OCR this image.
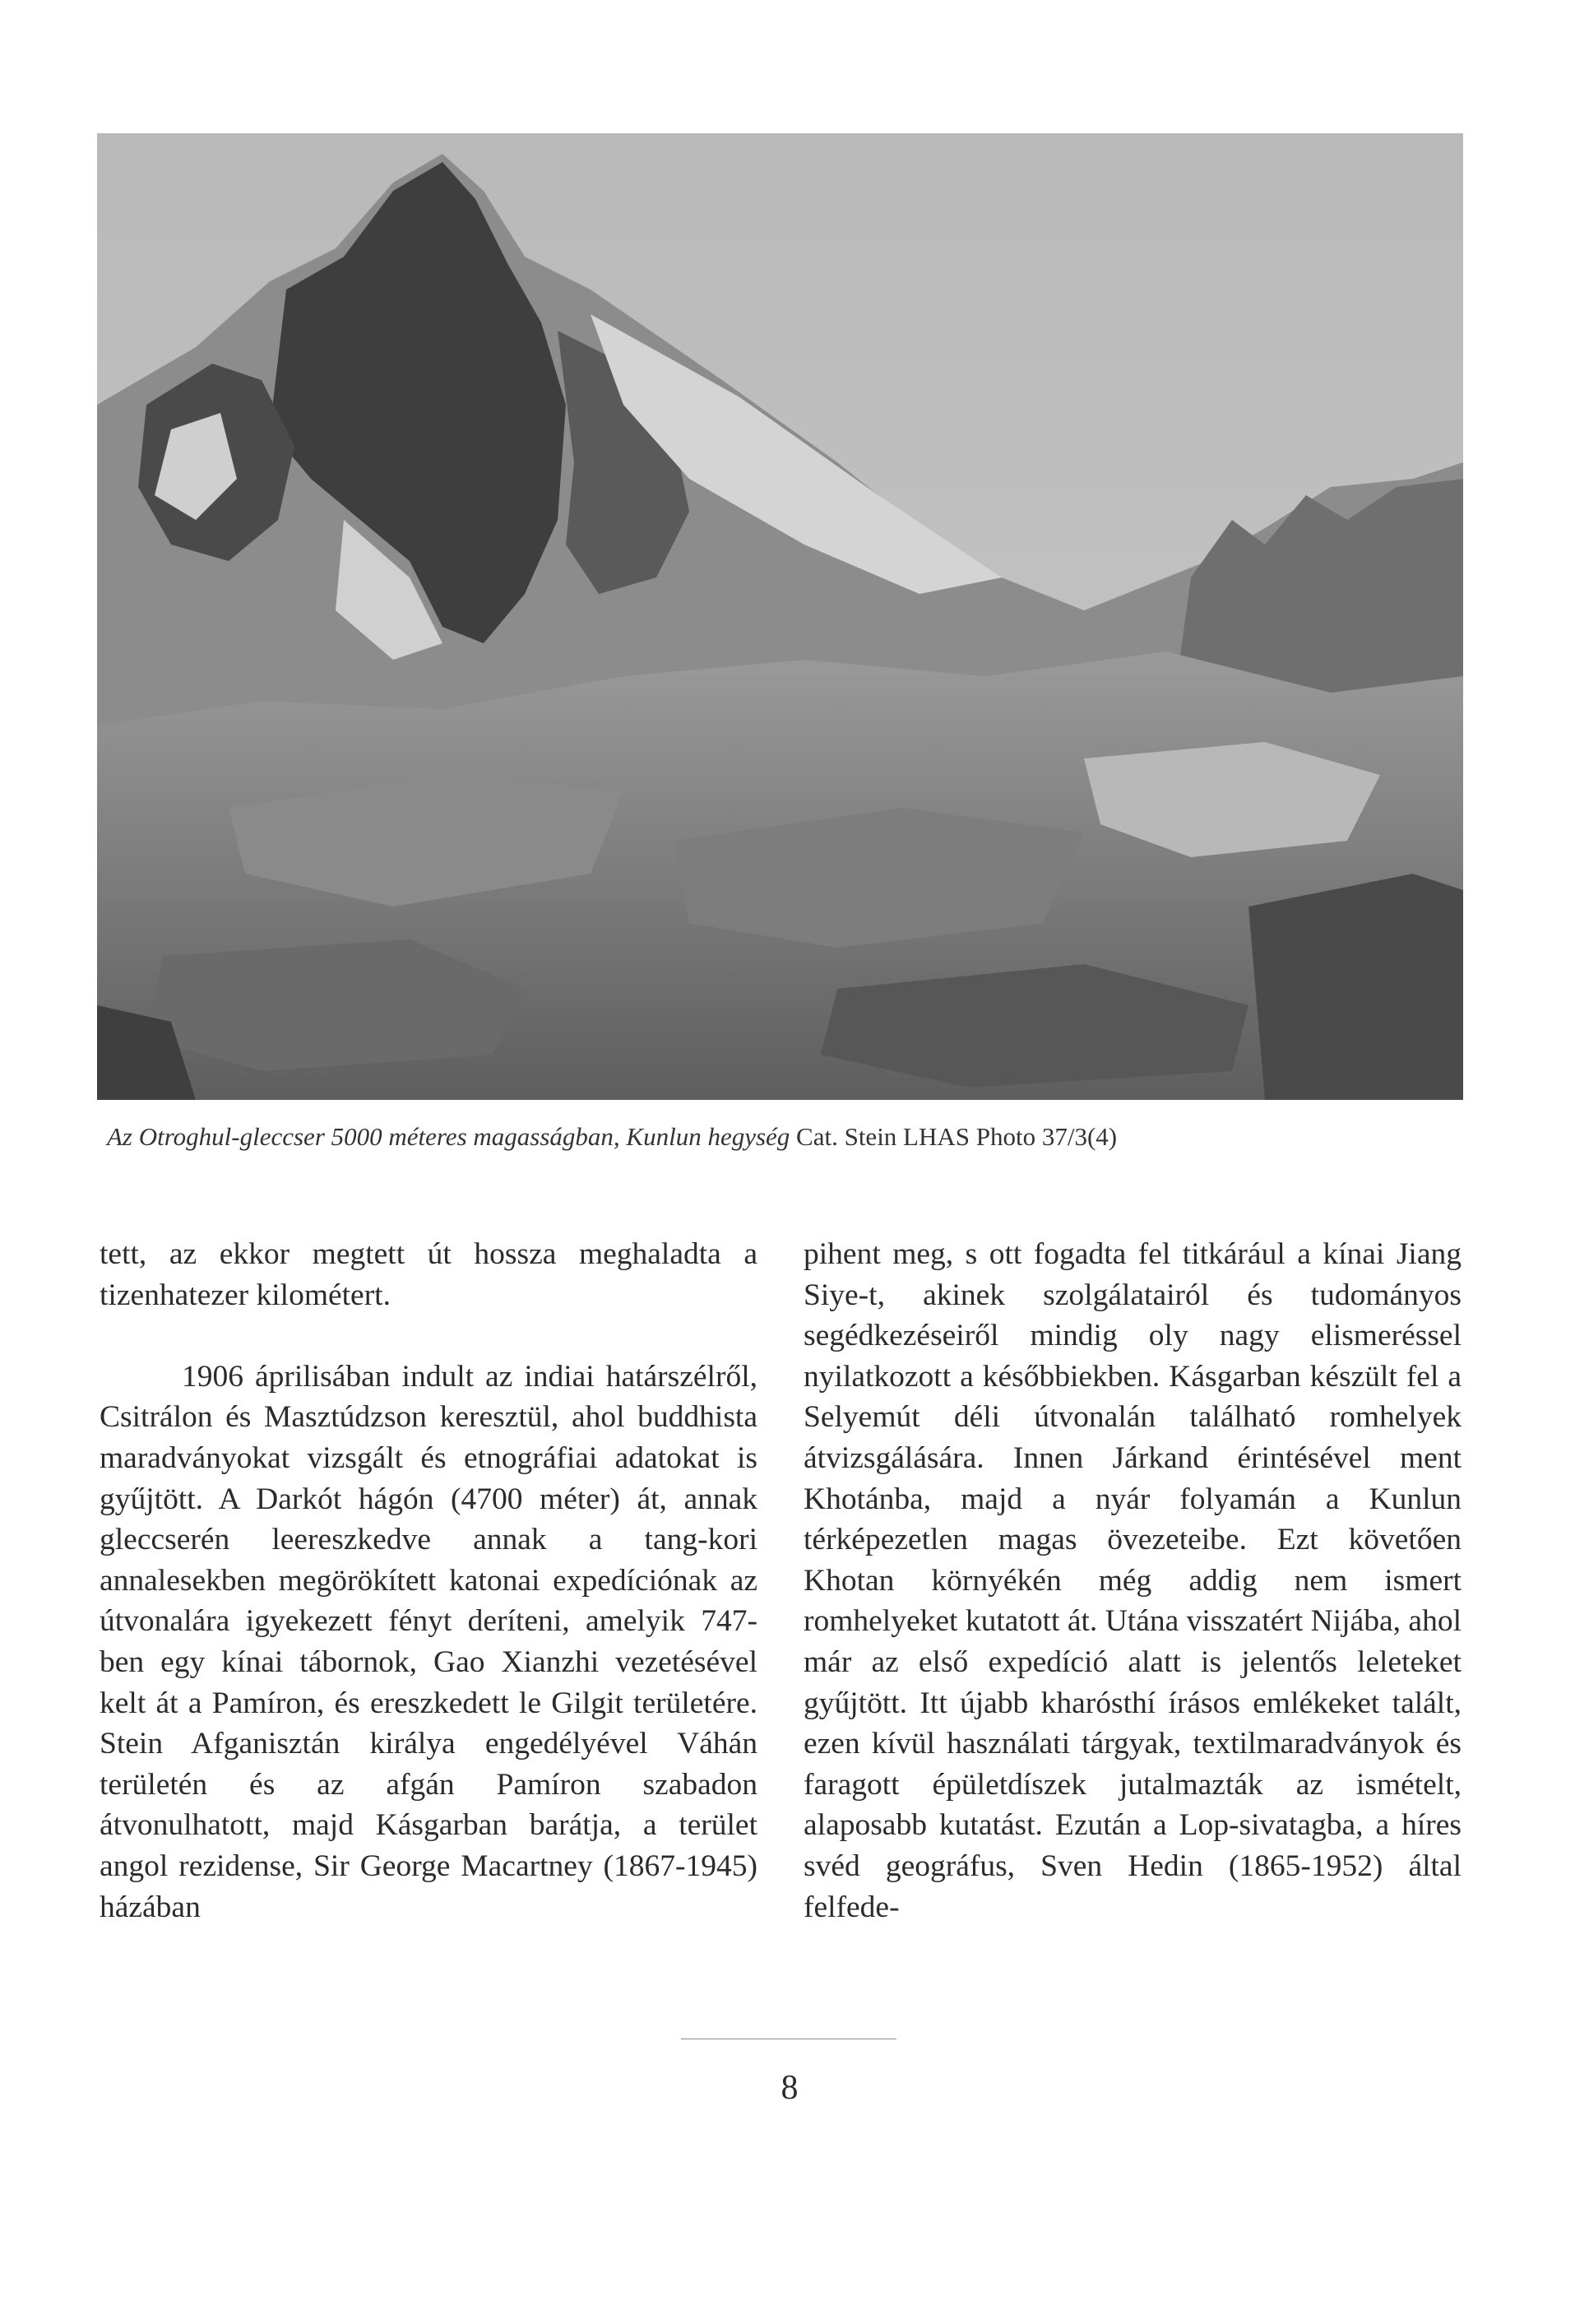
Az Otroghul-gleccser 5000 méteres magasságban, Kunlun hegység Cat. Stein LHAS Photo 37/3(4)

tett, az ekkor megtett út hossza meghaladta a tizenhatezer kilométert.

1906 áprilisában indult az indiai határszélről, Csitrálon és Masztúdzson keresztül, ahol buddhista maradványokat vizsgált és etnográfiai adatokat is gyűjtött. A Darkót hágón (4700 méter) át, annak gleccserén leereszkedve annak a tang-kori annalesekben megörökített katonai expedíciónak az útvonalára igyekezett fényt deríteni, amelyik 747-ben egy kínai tábornok, Gao Xianzhi vezetésével kelt át a Pamíron, és ereszkedett le Gilgit területére. Stein Afganisztán királya engedélyével Váhán területén és az afgán Pamíron szabadon átvonulhatott, majd Kásgarban barátja, a terület angol rezidense, Sir George Macartney (1867-1945) házában

pihent meg, s ott fogadta fel titkárául a kínai Jiang Siye-t, akinek szolgálatairól és tudományos segédkezéseiről mindig oly nagy elismeréssel nyilatkozott a későbbiekben. Kásgarban készült fel a Selyemút déli útvonalán található romhelyek átvizsgálására. Innen Járkand érintésével ment Khotánba, majd a nyár folyamán a Kunlun térképezetlen magas övezeteibe. Ezt követően Khotan környékén még addig nem ismert romhelyeket kutatott át. Utána visszatért Nijába, ahol már az első expedíció alatt is jelentős leleteket gyűjtött. Itt újabb kharósthí írásos emlékeket talált, ezen kívül használati tárgyak, textilmaradványok és faragott épületdíszek jutalmazták az ismételt, alaposabb kutatást. Ezután a Lop-sivatagba, a híres svéd geográfus, Sven Hedin (1865-1952) által felfede-

8
